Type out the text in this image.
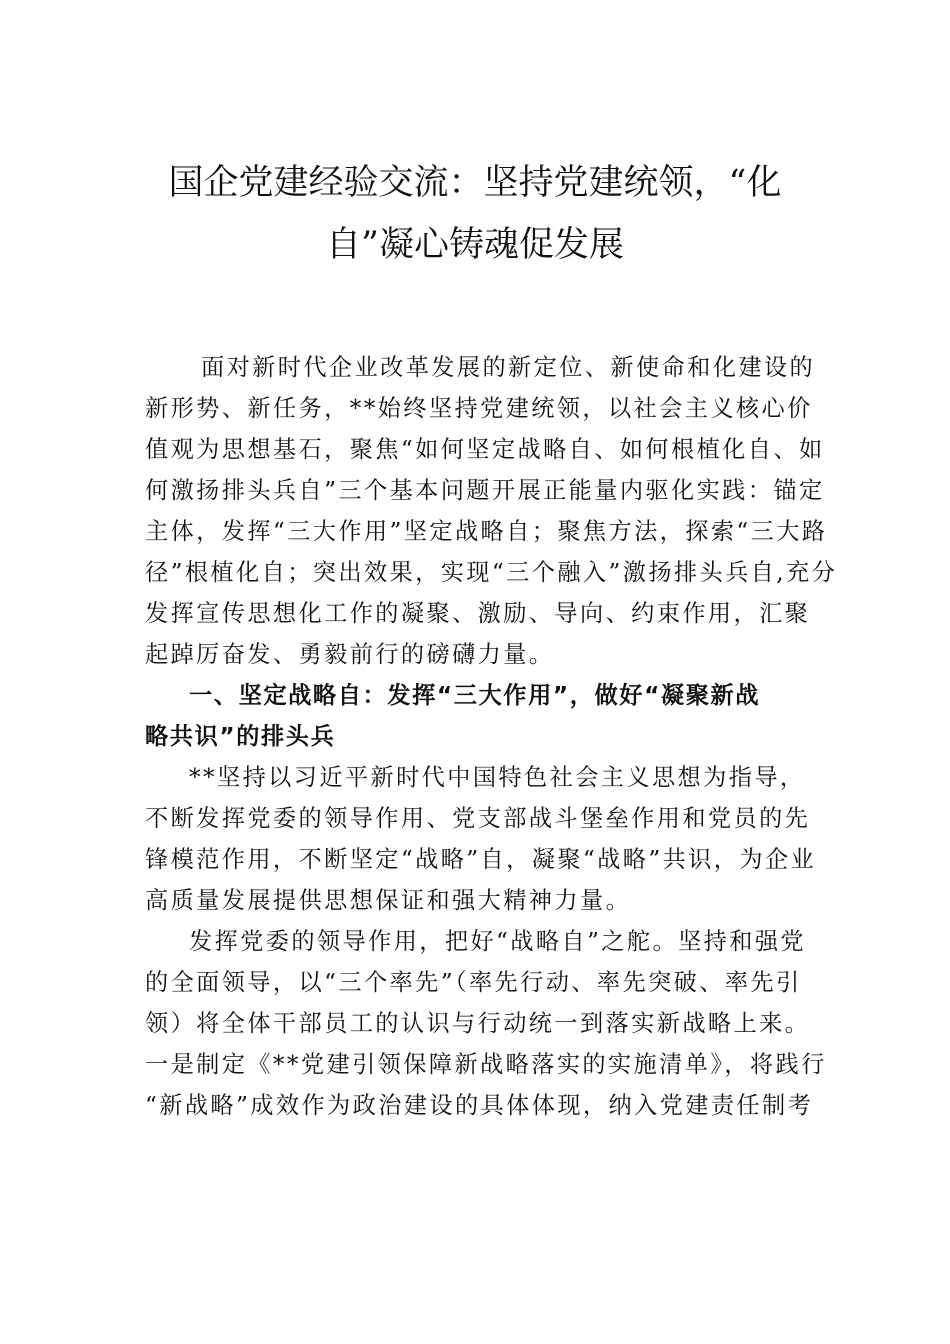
国企党建经验交流：坚持党建统领，“化
自”凝心铸魂促发展
面对新时代企业改革发展的新定位、新使命和化建设的
新形势、新任务，**始终坚持党建统领，以社会主义核心价
值观为思想基石，聚焦“如何坚定战略自、如何根植化自、如
何激扬排头兵自”三个基本问题开展正能量内驱化实践：锚定
主体，发挥“三大作用”坚定战略自；聚焦方法，探索“三大路
径”根植化自；突出效果，实现“三个融入”激扬排头兵自,充分
发挥宣传思想化工作的凝聚、激励、导向、约束作用，汇聚
起踔厉奋发、勇毅前行的磅礴力量。
一、坚定战略自：发挥“三大作用”，做好“凝聚新战
略共识”的排头兵
**坚持以习近平新时代中国特色社会主义思想为指导，
不断发挥党委的领导作用、党支部战斗堡垒作用和党员的先
锋模范作用，不断坚定“战略”自，凝聚“战略”共识，为企业
高质量发展提供思想保证和强大精神力量。
发挥党委的领导作用，把好“战略自”之舵。坚持和强党
的全面领导，以“三个率先”（率先行动、率先突破、率先引
领）将全体干部员工的认识与行动统一到落实新战略上来。
一是制定《**党建引领保障新战略落实的实施清单》，将践行
“新战略”成效作为政治建设的具体体现，纳入党建责任制考
